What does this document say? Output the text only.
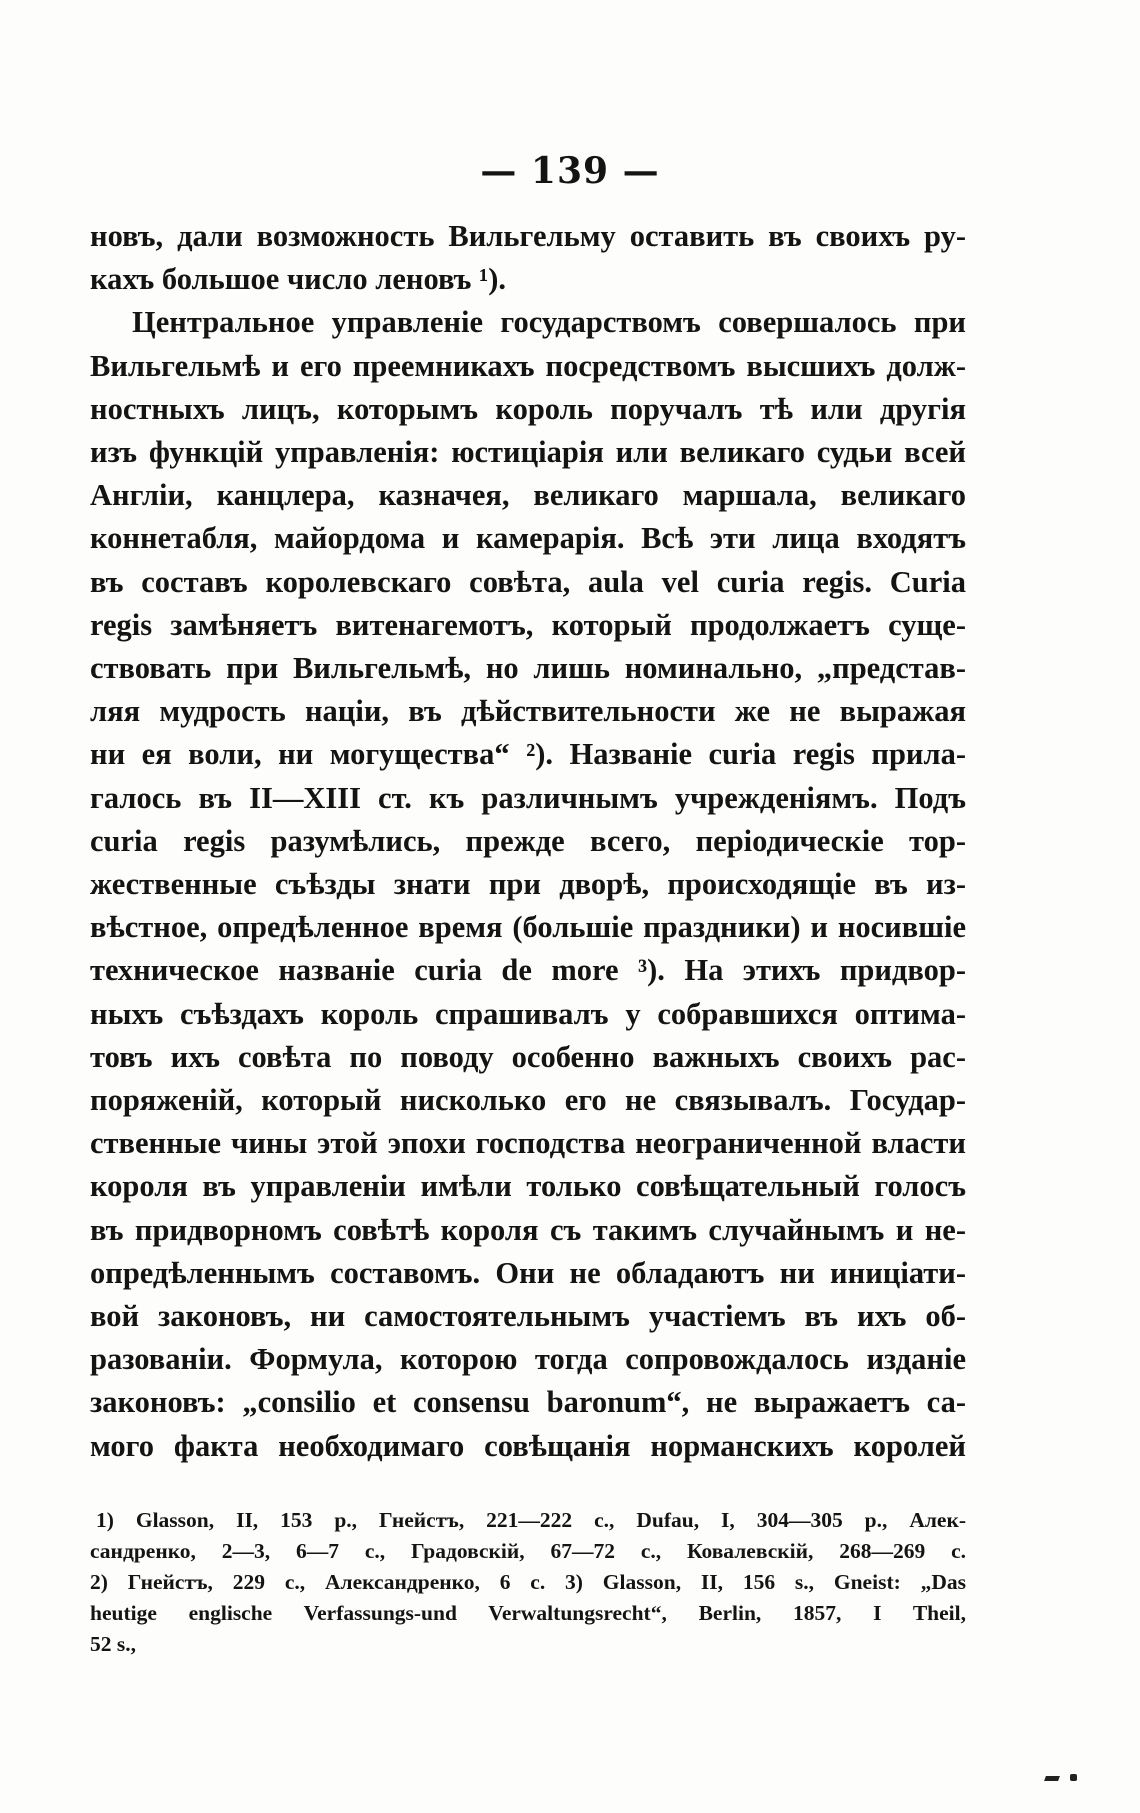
— 139 —
новъ, дали возможность Вильгельму оставить въ своихъ ру-
кахъ большое число леновъ ¹).
Центральное управленіе государствомъ совершалось при
Вильгельмѣ и его преемникахъ посредствомъ высшихъ долж-
ностныхъ лицъ, которымъ король поручалъ тѣ или другія
изъ функцій управленія: юстиціарія или великаго судьи всей
Англіи, канцлера, казначея, великаго маршала, великаго
коннетабля, майордома и камерарія. Всѣ эти лица входятъ
въ составъ королевскаго совѣта, aula vel curia regis. Curia
regis замѣняетъ витенагемотъ, который продолжаетъ суще-
ствовать при Вильгельмѣ, но лишь номинально, „представ-
ляя мудрость націи, въ дѣйствительности же не выражая
ни ея воли, ни могущества“ ²). Названіе curia regis прила-
галось въ II—XIII ст. къ различнымъ учрежденіямъ. Подъ
curia regis разумѣлись, прежде всего, періодическіе тор-
жественные съѣзды знати при дворѣ, происходящіе въ из-
вѣстное, опредѣленное время (большіе праздники) и носившіе
техническое названіе curia de more ³). На этихъ придвор-
ныхъ съѣздахъ король спрашивалъ у собравшихся оптима-
товъ ихъ совѣта по поводу особенно важныхъ своихъ рас-
поряженій, который нисколько его не связывалъ. Государ-
ственные чины этой эпохи господства неограниченной власти
короля въ управленіи имѣли только совѣщательный голосъ
въ придворномъ совѣтѣ короля съ такимъ случайнымъ и не-
опредѣленнымъ составомъ. Они не обладаютъ ни иниціати-
вой законовъ, ни самостоятельнымъ участіемъ въ ихъ об-
разованіи. Формула, которою тогда сопровождалось изданіе
законовъ: „consilio et consensu baronum“, не выражаетъ са-
мого факта необходимаго совѣщанія норманскихъ королей
1) Glasson, II, 153 p., Гнейстъ, 221—222 с., Dufau, I, 304—305 р., Алек-
сандренко, 2—3, 6—7 с., Градовскій, 67—72 с., Ковалевскій, 268—269 с.
2) Гнейстъ, 229 с., Александренко, 6 с. 3) Glasson, II, 156 s., Gneist: „Das
heutige englische Verfassungs-und Verwaltungsrecht“, Berlin, 1857, I Theil,
52 s.,
